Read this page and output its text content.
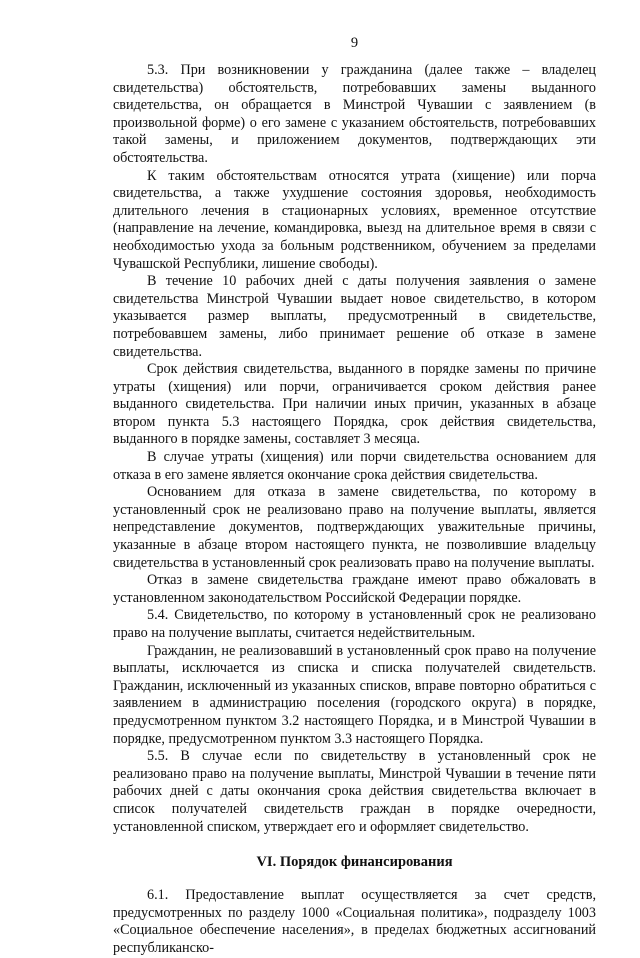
9

5.3. При возникновении у гражданина (далее также – владелец свидетельства) обстоятельств, потребовавших замены выданного свидетельства, он обращается в Минстрой Чувашии с заявлением (в произвольной форме) о его замене с указанием обстоятельств, потребовавших такой замены, и приложением документов, подтверждающих эти обстоятельства.

К таким обстоятельствам относятся утрата (хищение) или порча свидетельства, а также ухудшение состояния здоровья, необходимость длительного лечения в стационарных условиях, временное отсутствие (направление на лечение, командировка, выезд на длительное время в связи с необходимостью ухода за больным родственником, обучением за пределами Чувашской Республики, лишение свободы).

В течение 10 рабочих дней с даты получения заявления о замене свидетельства Минстрой Чувашии выдает новое свидетельство, в котором указывается размер выплаты, предусмотренный в свидетельстве, потребовавшем замены, либо принимает решение об отказе в замене свидетельства.

Срок действия свидетельства, выданного в порядке замены по причине утраты (хищения) или порчи, ограничивается сроком действия ранее выданного свидетельства. При наличии иных причин, указанных в абзаце втором пункта 5.3 настоящего Порядка, срок действия свидетельства, выданного в порядке замены, составляет 3 месяца.

В случае утраты (хищения) или порчи свидетельства основанием для отказа в его замене является окончание срока действия свидетельства.

Основанием для отказа в замене свидетельства, по которому в установленный срок не реализовано право на получение выплаты, является непредставление документов, подтверждающих уважительные причины, указанные в абзаце втором настоящего пункта, не позволившие владельцу свидетельства в установленный срок реализовать право на получение выплаты.

Отказ в замене свидетельства граждане имеют право обжаловать в установленном законодательством Российской Федерации порядке.

5.4. Свидетельство, по которому в установленный срок не реализовано право на получение выплаты, считается недействительным.

Гражданин, не реализовавший в установленный срок право на получение выплаты, исключается из списка и списка получателей свидетельств. Гражданин, исключенный из указанных списков, вправе повторно обратиться с заявлением в администрацию поселения (городского округа) в порядке, предусмотренном пунктом 3.2 настоящего Порядка, и в Минстрой Чувашии в порядке, предусмотренном пунктом 3.3 настоящего Порядка.

5.5. В случае если по свидетельству в установленный срок не реализовано право на получение выплаты, Минстрой Чувашии в течение пяти рабочих дней с даты окончания срока действия свидетельства включает в список получателей свидетельств граждан в порядке очередности, установленной списком, утверждает его и оформляет свидетельство.

VI. Порядок финансирования

6.1. Предоставление выплат осуществляется за счет средств, предусмотренных по разделу 1000 «Социальная политика», подразделу 1003 «Социальное обеспечение населения», в пределах бюджетных ассигнований республиканско-
